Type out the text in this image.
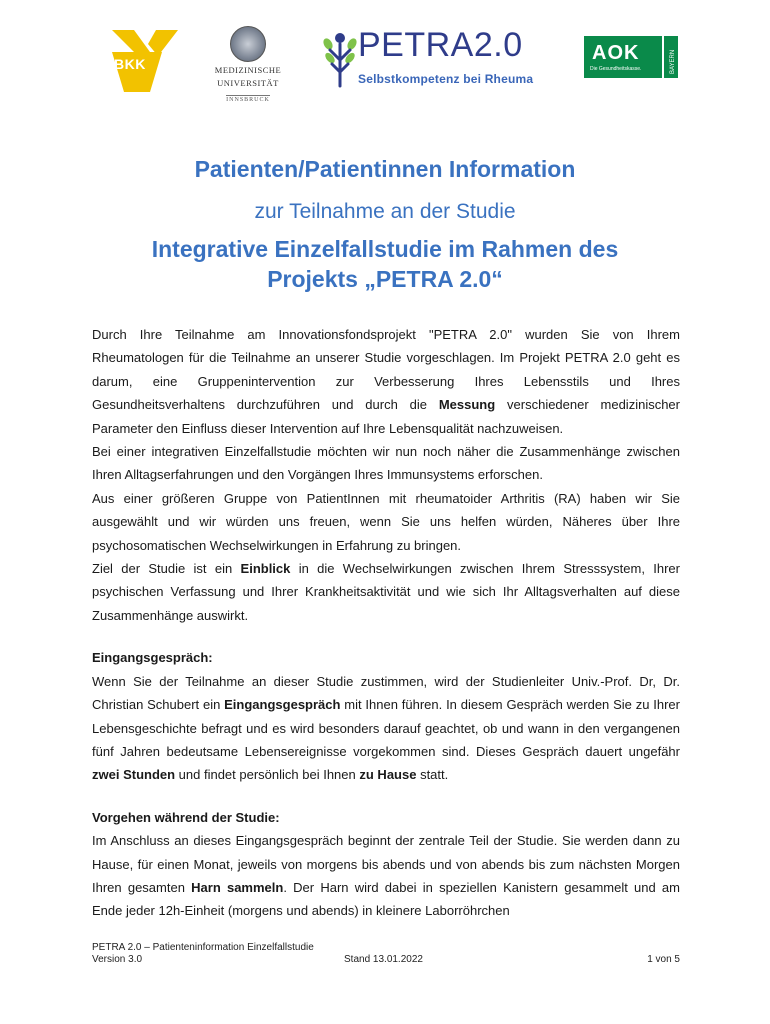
BKK	MEDIZINISCHE
UNIVERSITÄT
INNSBRUCK
PETRA2.0
Selbstkompetenz bei Rheuma
AOK
Die Gesundheitskasse.	BAYERN
Patienten/Patientinnen Information
zur Teilnahme an der Studie
Integrative Einzelfallstudie im Rahmen des
Projekts „PETRA 2.0“

Durch Ihre Teilnahme am Innovationsfondsprojekt "PETRA 2.0" wurden Sie von Ihrem Rheumatologen für die Teilnahme an unserer Studie vorgeschlagen. Im Projekt PETRA 2.0 geht es darum, eine Gruppenintervention zur Verbesserung Ihres Lebensstils und Ihres Gesundheitsverhaltens durchzuführen und durch die Messung verschiedener medizinischer Parameter den Einfluss dieser Intervention auf Ihre Lebensqualität nachzuweisen.

Bei einer integrativen Einzelfallstudie möchten wir nun noch näher die Zusammenhänge zwischen Ihren Alltagserfahrungen und den Vorgängen Ihres Immunsystems erforschen.

Aus einer größeren Gruppe von PatientInnen mit rheumatoider Arthritis (RA) haben wir Sie ausgewählt und wir würden uns freuen, wenn Sie uns helfen würden, Näheres über Ihre psychosomatischen Wechselwirkungen in Erfahrung zu bringen.

Ziel der Studie ist ein Einblick in die Wechselwirkungen zwischen Ihrem Stresssystem, Ihrer psychischen Verfassung und Ihrer Krankheitsaktivität und wie sich Ihr Alltagsverhalten auf diese Zusammenhänge auswirkt.

Eingangsgespräch:

Wenn Sie der Teilnahme an dieser Studie zustimmen, wird der Studienleiter Univ.-Prof. Dr, Dr. Christian Schubert ein Eingangsgespräch mit Ihnen führen. In diesem Gespräch werden Sie zu Ihrer Lebensgeschichte befragt und es wird besonders darauf geachtet, ob und wann in den vergangenen fünf Jahren bedeutsame Lebensereignisse vorgekommen sind. Dieses Gespräch dauert ungefähr zwei Stunden und findet persönlich bei Ihnen zu Hause statt.

Vorgehen während der Studie:

Im Anschluss an dieses Eingangsgespräch beginnt der zentrale Teil der Studie. Sie werden dann zu Hause, für einen Monat, jeweils von morgens bis abends und von abends bis zum nächsten Morgen Ihren gesamten Harn sammeln. Der Harn wird dabei in speziellen Kanistern gesammelt und am Ende jeder 12h-Einheit (morgens und abends) in kleinere Laborröhrchen

PETRA 2.0 – Patienteninformation Einzelfallstudie
Version 3.0	Stand 13.01.2022	1 von 5
